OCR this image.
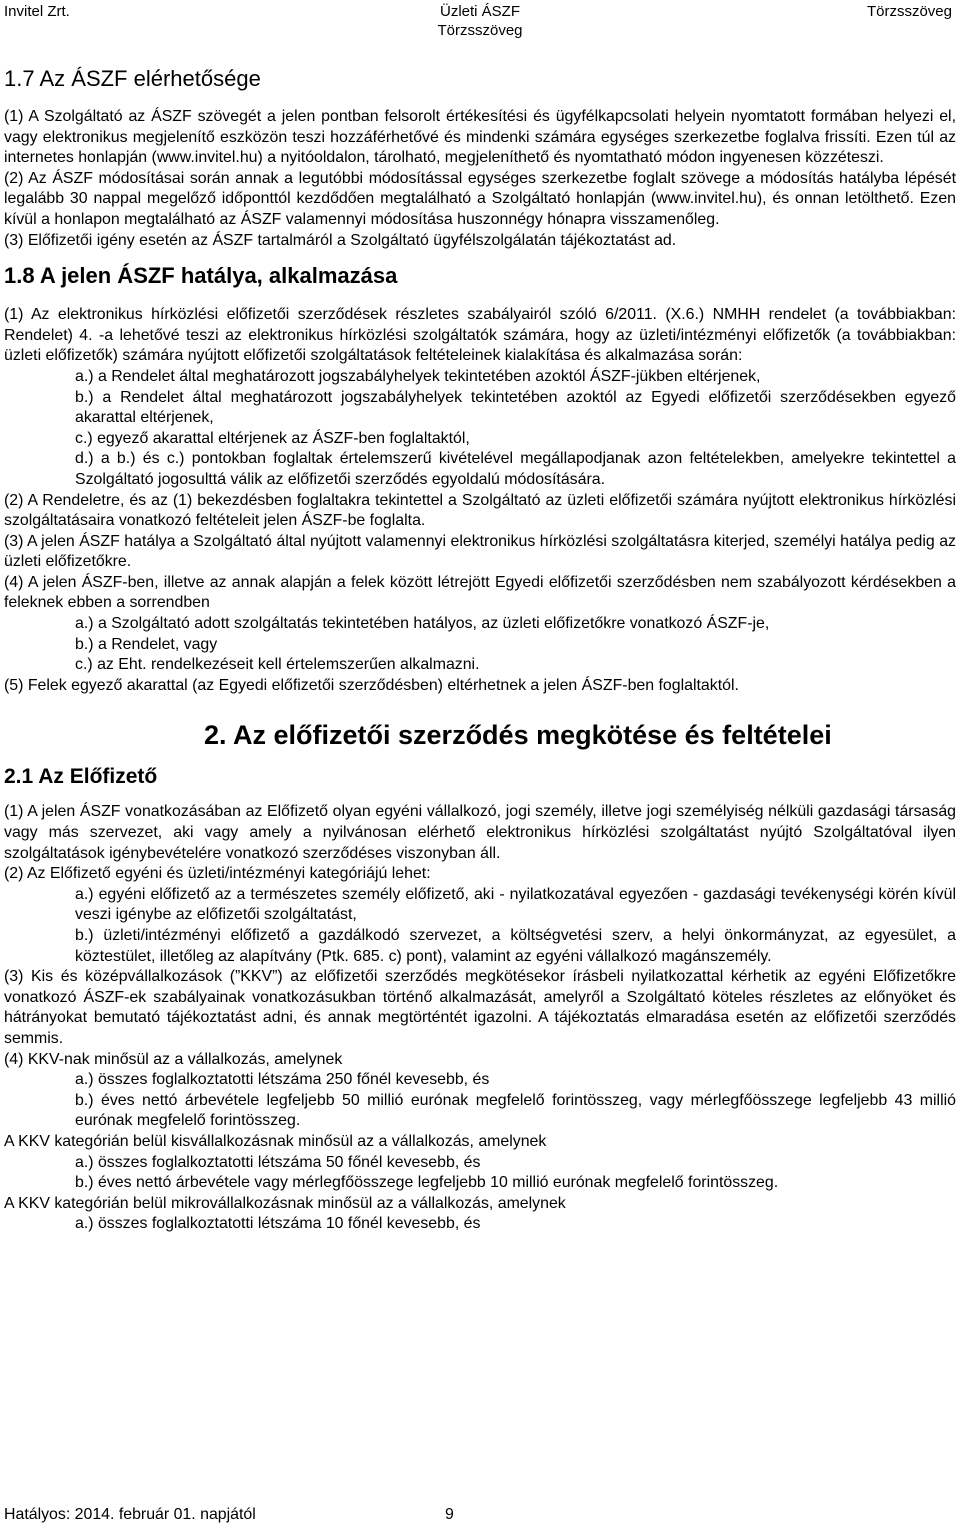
Invitel Zrt.	Üzleti ÁSZF
Törzsszöveg
Törzsszöveg
1.7 Az ÁSZF elérhetősége

(1) A Szolgáltató az ÁSZF szövegét a jelen pontban felsorolt értékesítési és ügyfélkapcsolati helyein nyomtatott formában helyezi el, vagy elektronikus megjelenítő eszközön teszi hozzáférhetővé és mindenki számára egységes szerkezetbe foglalva frissíti. Ezen túl az internetes honlapján (www.invitel.hu) a nyitóoldalon, tárolható, megjeleníthető és nyomtatható módon ingyenesen közzéteszi.

(2) Az ÁSZF módosításai során annak a legutóbbi módosítással egységes szerkezetbe foglalt szövege a módosítás hatályba lépését legalább 30 nappal megelőző időponttól kezdődően megtalálható a Szolgáltató honlapján (www.invitel.hu), és onnan letölthető. Ezen kívül a honlapon megtalálható az ÁSZF valamennyi módosítása huszonnégy hónapra visszamenőleg.

(3) Előfizetői igény esetén az ÁSZF tartalmáról a Szolgáltató ügyfélszolgálatán tájékoztatást ad.

1.8 A jelen ÁSZF hatálya, alkalmazása

(1) Az elektronikus hírközlési előfizetői szerződések részletes szabályairól szóló 6/2011. (X.6.) NMHH rendelet (a továbbiakban: Rendelet) 4. -a lehetővé teszi az elektronikus hírközlési szolgáltatók számára, hogy az üzleti/intézményi előfizetők (a továbbiakban: üzleti előfizetők) számára nyújtott előfizetői szolgáltatások feltételeinek kialakítása és alkalmazása során:

a.) a Rendelet által meghatározott jogszabályhelyek tekintetében azoktól ÁSZF-jükben eltérjenek,

b.) a Rendelet által meghatározott jogszabályhelyek tekintetében azoktól az Egyedi előfizetői szerződésekben egyező akarattal eltérjenek,

c.) egyező akarattal eltérjenek az ÁSZF-ben foglaltaktól,

d.) a b.) és c.) pontokban foglaltak értelemszerű kivételével megállapodjanak azon feltételekben, amelyekre tekintettel a Szolgáltató jogosulttá válik az előfizetői szerződés egyoldalú módosítására.

(2) A Rendeletre, és az (1) bekezdésben foglaltakra tekintettel a Szolgáltató az üzleti előfizetői számára nyújtott elektronikus hírközlési szolgáltatásaira vonatkozó feltételeit jelen ÁSZF-be foglalta.

(3) A jelen ÁSZF hatálya a Szolgáltató által nyújtott valamennyi elektronikus hírközlési szolgáltatásra kiterjed, személyi hatálya pedig az üzleti előfizetőkre.

(4) A jelen ÁSZF-ben, illetve az annak alapján a felek között létrejött Egyedi előfizetői szerződésben nem szabályozott kérdésekben a feleknek ebben a sorrendben

a.) a Szolgáltató adott szolgáltatás tekintetében hatályos, az üzleti előfizetőkre vonatkozó ÁSZF-je,

b.) a Rendelet, vagy

c.) az Eht. rendelkezéseit kell értelemszerűen alkalmazni.

(5) Felek egyező akarattal (az Egyedi előfizetői szerződésben) eltérhetnek a jelen ÁSZF-ben foglaltaktól.

2. Az előfizetői szerződés megkötése és feltételei
2.1 Az Előfizető

(1) A jelen ÁSZF vonatkozásában az Előfizető olyan egyéni vállalkozó, jogi személy, illetve jogi személyiség nélküli gazdasági társaság vagy más szervezet, aki vagy amely a nyilvánosan elérhető elektronikus hírközlési szolgáltatást nyújtó Szolgáltatóval ilyen szolgáltatások igénybevételére vonatkozó szerződéses viszonyban áll.

(2) Az Előfizető egyéni és üzleti/intézményi kategóriájú lehet:

a.) egyéni előfizető az a természetes személy előfizető, aki - nyilatkozatával egyezően - gazdasági tevékenységi körén kívül veszi igénybe az előfizetői szolgáltatást,

b.) üzleti/intézményi előfizető a gazdálkodó szervezet, a költségvetési szerv, a helyi önkormányzat, az egyesület, a köztestület, illetőleg az alapítvány (Ptk. 685. c) pont), valamint az egyéni vállalkozó magánszemély.

(3) Kis és középvállalkozások (”KKV”) az előfizetői szerződés megkötésekor írásbeli nyilatkozattal kérhetik az egyéni Előfizetőkre vonatkozó ÁSZF-ek szabályainak vonatkozásukban történő alkalmazását, amelyről a Szolgáltató köteles részletes az előnyöket és hátrányokat bemutató tájékoztatást adni, és annak megtörténtét igazolni. A tájékoztatás elmaradása esetén az előfizetői szerződés semmis.

(4) KKV-nak minősül az a vállalkozás, amelynek

a.) összes foglalkoztatotti létszáma 250 főnél kevesebb, és

b.) éves nettó árbevétele legfeljebb 50 millió eurónak megfelelő forintösszeg, vagy mérlegfőösszege legfeljebb 43 millió eurónak megfelelő forintösszeg.

A KKV kategórián belül kisvállalkozásnak minősül az a vállalkozás, amelynek

a.) összes foglalkoztatotti létszáma 50 főnél kevesebb, és

b.) éves nettó árbevétele vagy mérlegfőösszege legfeljebb 10 millió eurónak megfelelő forintösszeg.

A KKV kategórián belül mikrovállalkozásnak minősül az a vállalkozás, amelynek

a.) összes foglalkoztatotti létszáma 10 főnél kevesebb, és

Hatályos: 2014. február 01. napjától	9
